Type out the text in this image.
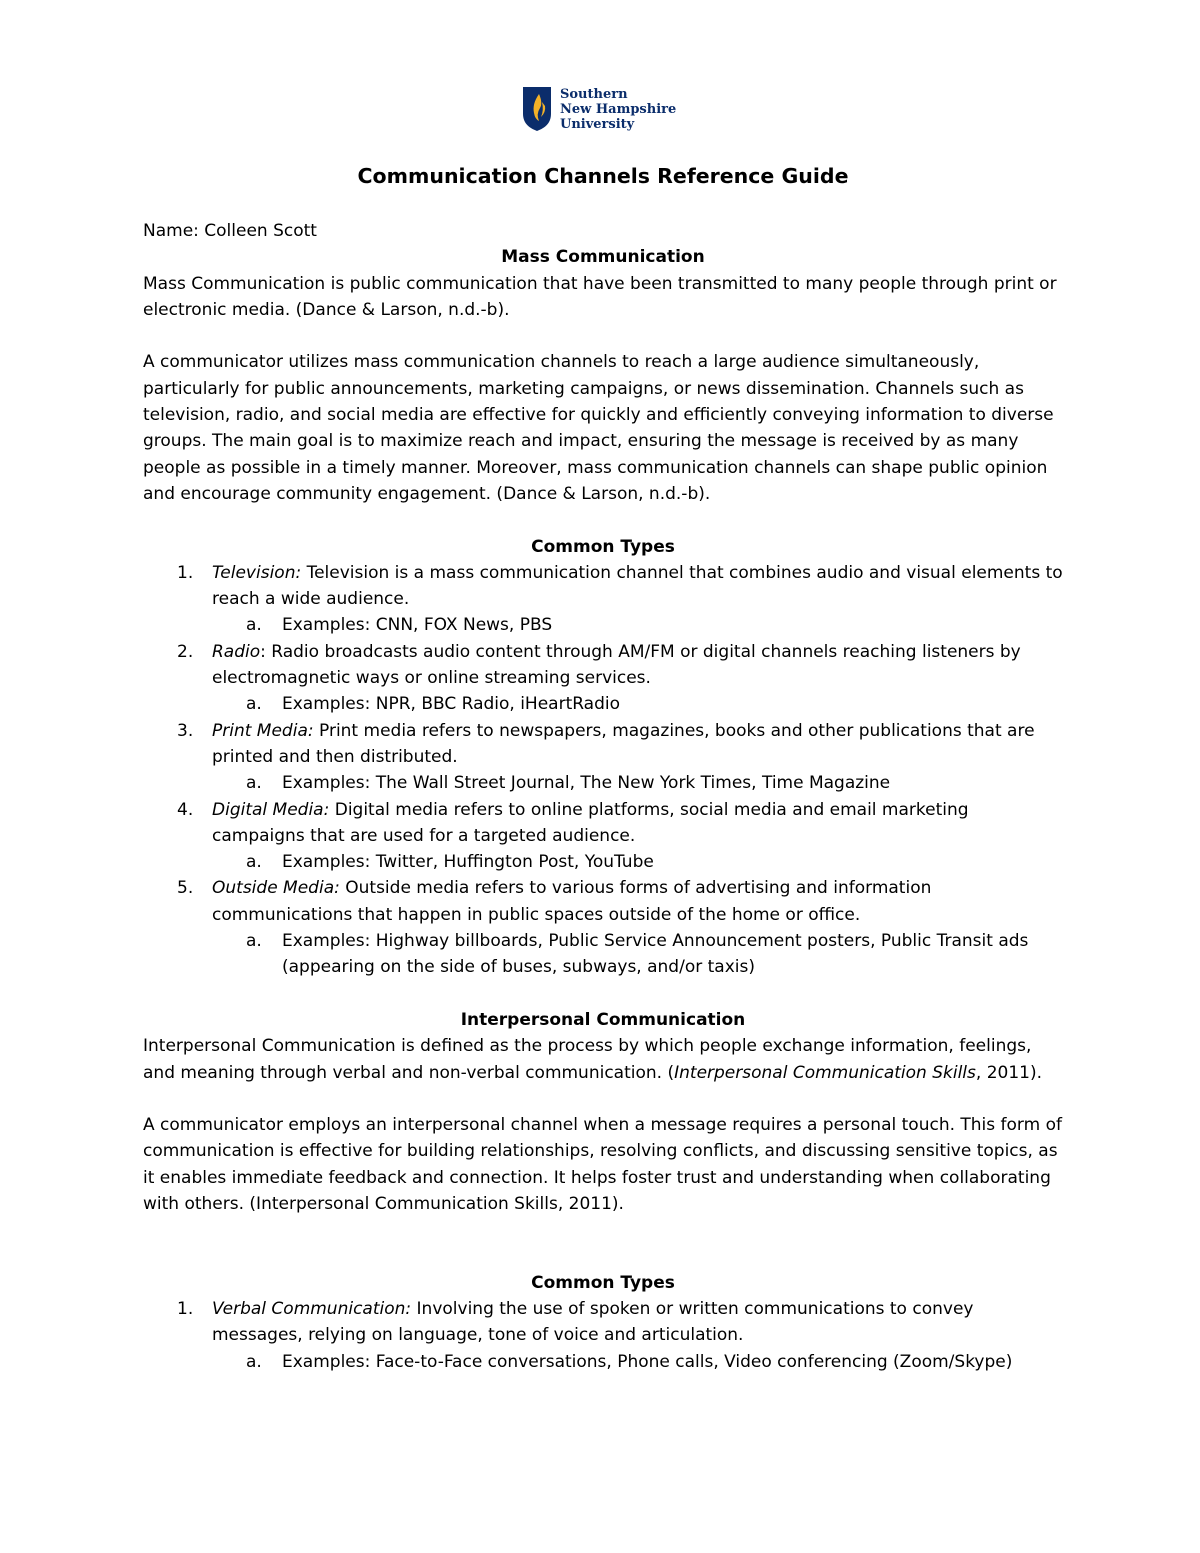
Southern
New Hampshire
University
Communication Channels Reference Guide

Name: Colleen Scott

Mass Communication

Mass Communication is public communication that have been transmitted to many people through print or electronic media. (Dance & Larson, n.d.-b).

A communicator utilizes mass communication channels to reach a large audience simultaneously, particularly for public announcements, marketing campaigns, or news dissemination. Channels such as television, radio, and social media are effective for quickly and efficiently conveying information to diverse groups. The main goal is to maximize reach and impact, ensuring the message is received by as many people as possible in a timely manner. Moreover, mass communication channels can shape public opinion and encourage community engagement. (Dance & Larson, n.d.-b).

Common Types
1. Television: Television is a mass communication channel that combines audio and visual elements to reach a wide audience.
a. Examples: CNN, FOX News, PBS
2. Radio: Radio broadcasts audio content through AM/FM or digital channels reaching listeners by electromagnetic ways or online streaming services.
a. Examples: NPR, BBC Radio, iHeartRadio
3. Print Media: Print media refers to newspapers, magazines, books and other publications that are printed and then distributed.
a. Examples: The Wall Street Journal, The New York Times, Time Magazine
4. Digital Media: Digital media refers to online platforms, social media and email marketing campaigns that are used for a targeted audience.
a. Examples: Twitter, Huffington Post, YouTube
5. Outside Media: Outside media refers to various forms of advertising and information communications that happen in public spaces outside of the home or office.
a. Examples: Highway billboards, Public Service Announcement posters, Public Transit ads (appearing on the side of buses, subways, and/or taxis)
Interpersonal Communication

Interpersonal Communication is defined as the process by which people exchange information, feelings, and meaning through verbal and non-verbal communication. (Interpersonal Communication Skills, 2011).

A communicator employs an interpersonal channel when a message requires a personal touch. This form of communication is effective for building relationships, resolving conflicts, and discussing sensitive topics, as it enables immediate feedback and connection. It helps foster trust and understanding when collaborating with others. (Interpersonal Communication Skills, 2011).

Common Types
1. Verbal Communication: Involving the use of spoken or written communications to convey messages, relying on language, tone of voice and articulation.
a. Examples: Face-to-Face conversations, Phone calls, Video conferencing (Zoom/Skype)
